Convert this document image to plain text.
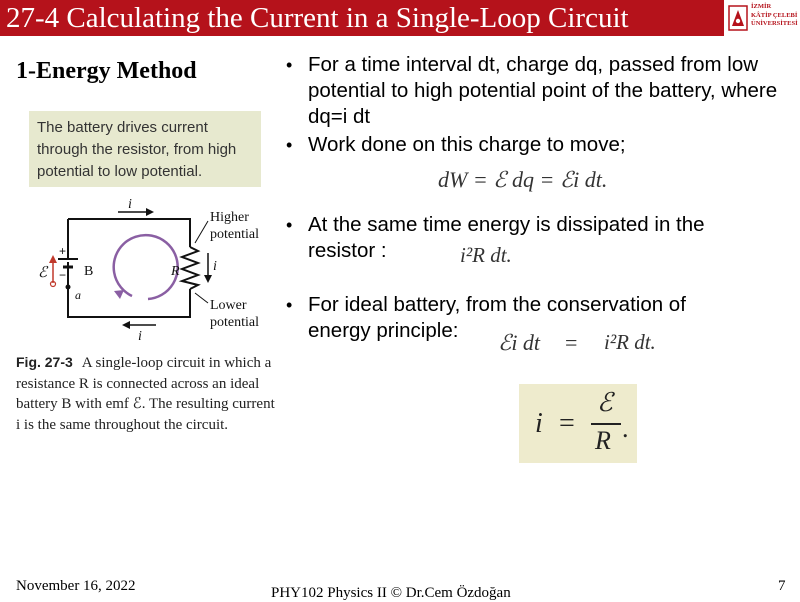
27-4 Calculating the Current in a Single-Loop Circuit	İZMİR
KÂTİP ÇELEBİ
ÜNİVERSİTESİ
1-Energy Method
The battery drives current through the resistor, from high potential to low potential.
i
i
i
B
ℰ	R
a
+
−
Higher potential
Lower potential
Fig. 27-3 A single-loop circuit in which a resistance R is connected across an ideal battery B with emf ℰ. The resulting current i is the same throughout the circuit.
• For a time interval dt, charge dq, passed from low potential to high potential point of the battery, where dq=i dt
• Work done on this charge to move;
• At the same time energy is dissipated in the resistor :
• For ideal battery, from the conservation of energy principle:
dW = ℰ dq = ℰi dt.
i²R dt.
ℰi dt = i²R dt.
i =
ℰ
R .
November 16, 2022	PHY102 Physics II © Dr.Cem Özdoğan	7
